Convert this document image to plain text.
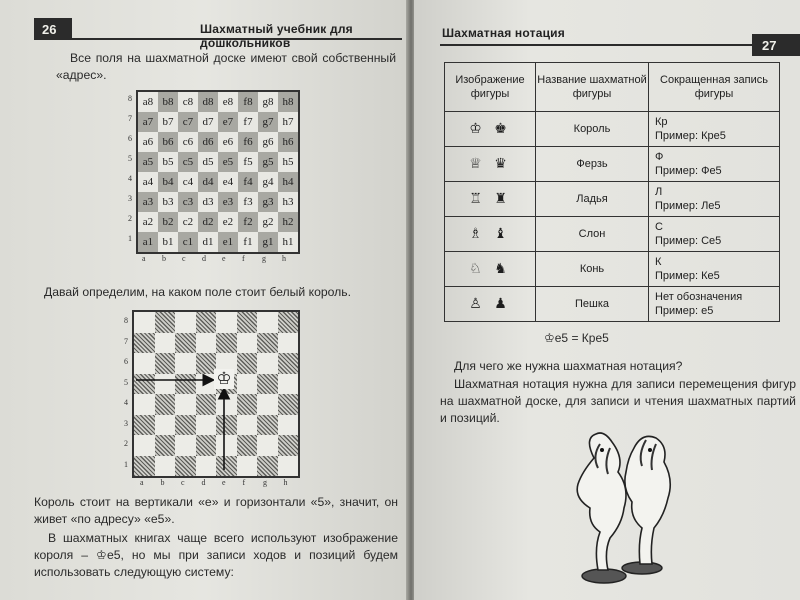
26	Шахматный учебник для дошкольников
Все поля на шахматной доске имеют свой собственный «адрес».
8
7
6
5
4
3
2
1
a8 b8 c8 d8 e8 f8 g8 h8
a7 b7 c7 d7 e7 f7 g7 h7
a6 b6 c6 d6 e6 f6 g6 h6
a5 b5 c5 d5 e5 f5 g5 h5
a4 b4 c4 d4 e4 f4 g4 h4
a3 b3 c3 d3 e3 f3 g3 h3
a2 b2 c2 d2 e2 f2 g2 h2
a1 b1 c1 d1 e1 f1 g1 h1
a b c d e f g h
Давай определим, на каком поле стоит белый король.
8
7
6
5
4
3
2
1
a b c d e f g h
♔
Король стоит на вертикали «е» и горизонтали «5», значит, он живет «по адресу» «е5».
В шахматных книгах чаще всего используют изображение короля – ♔е5, но мы при записи ходов и позиций будем использовать следующую систему:
Шахматная нотация
27
Изображение фигуры	Название шахматной фигуры	Сокращенная запись фигуры
♔ ♚	Король	Кр
Пример: Кре5

♕ ♛	Ферзь	Ф
Пример: Фе5

♖ ♜	Ладья	Л
Пример: Ле5

♗ ♝	Слон	С
Пример: Се5

♘ ♞	Конь	К
Пример: Ке5

♙ ♟	Пешка	Нет обозначения
Пример: е5
♔е5 = Кре5
Для чего же нужна шахматная нотация?
Шахматная нотация нужна для записи перемещения фигур на шахматной доске, для записи и чтения шахматных партий и позиций.
